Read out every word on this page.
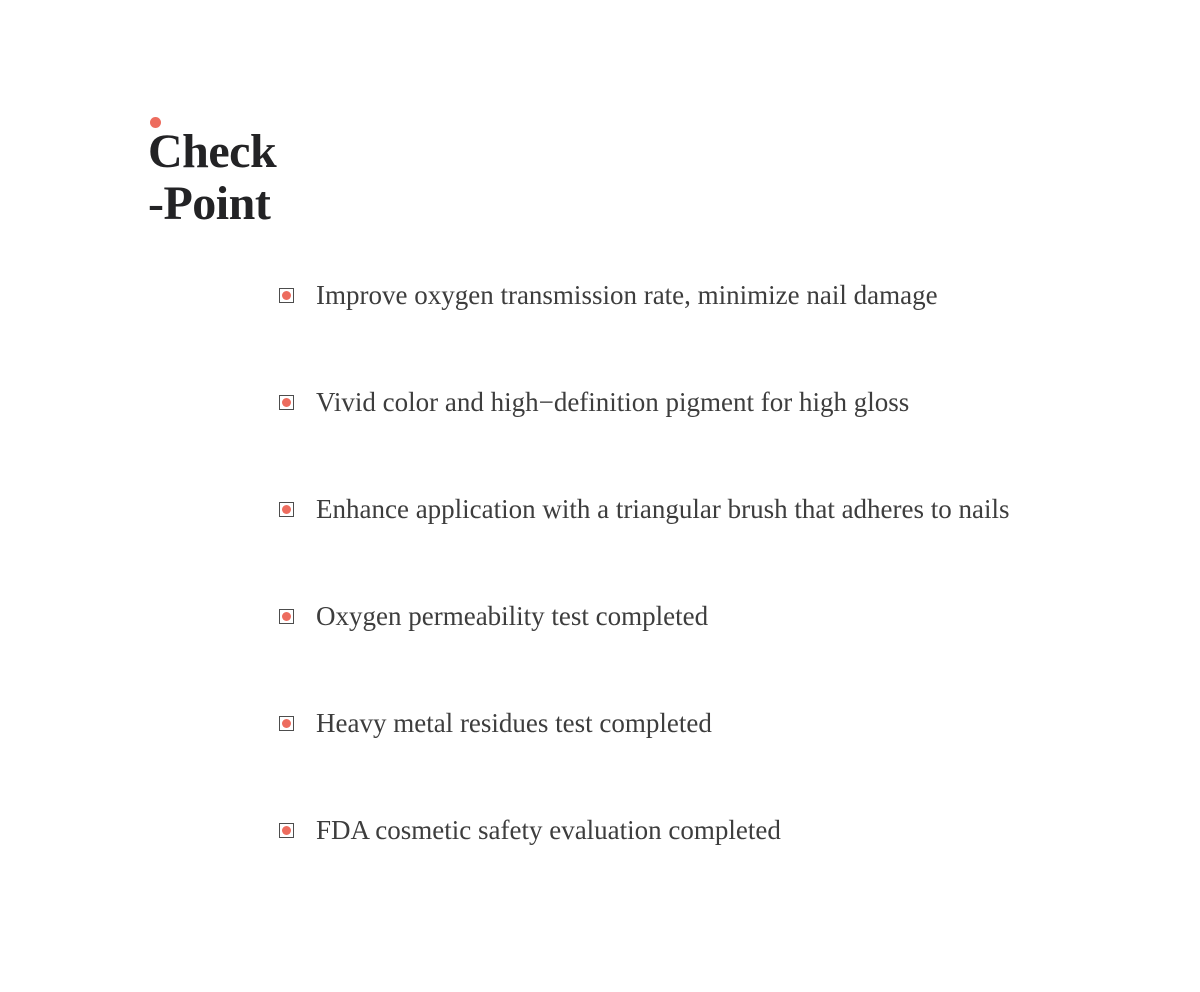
Check
-Point
Improve oxygen transmission rate, minimize nail damage
Vivid color and high−definition pigment for high gloss
Enhance application with a triangular brush that adheres to nails
Oxygen permeability test completed
Heavy metal residues test completed
FDA cosmetic safety evaluation completed
